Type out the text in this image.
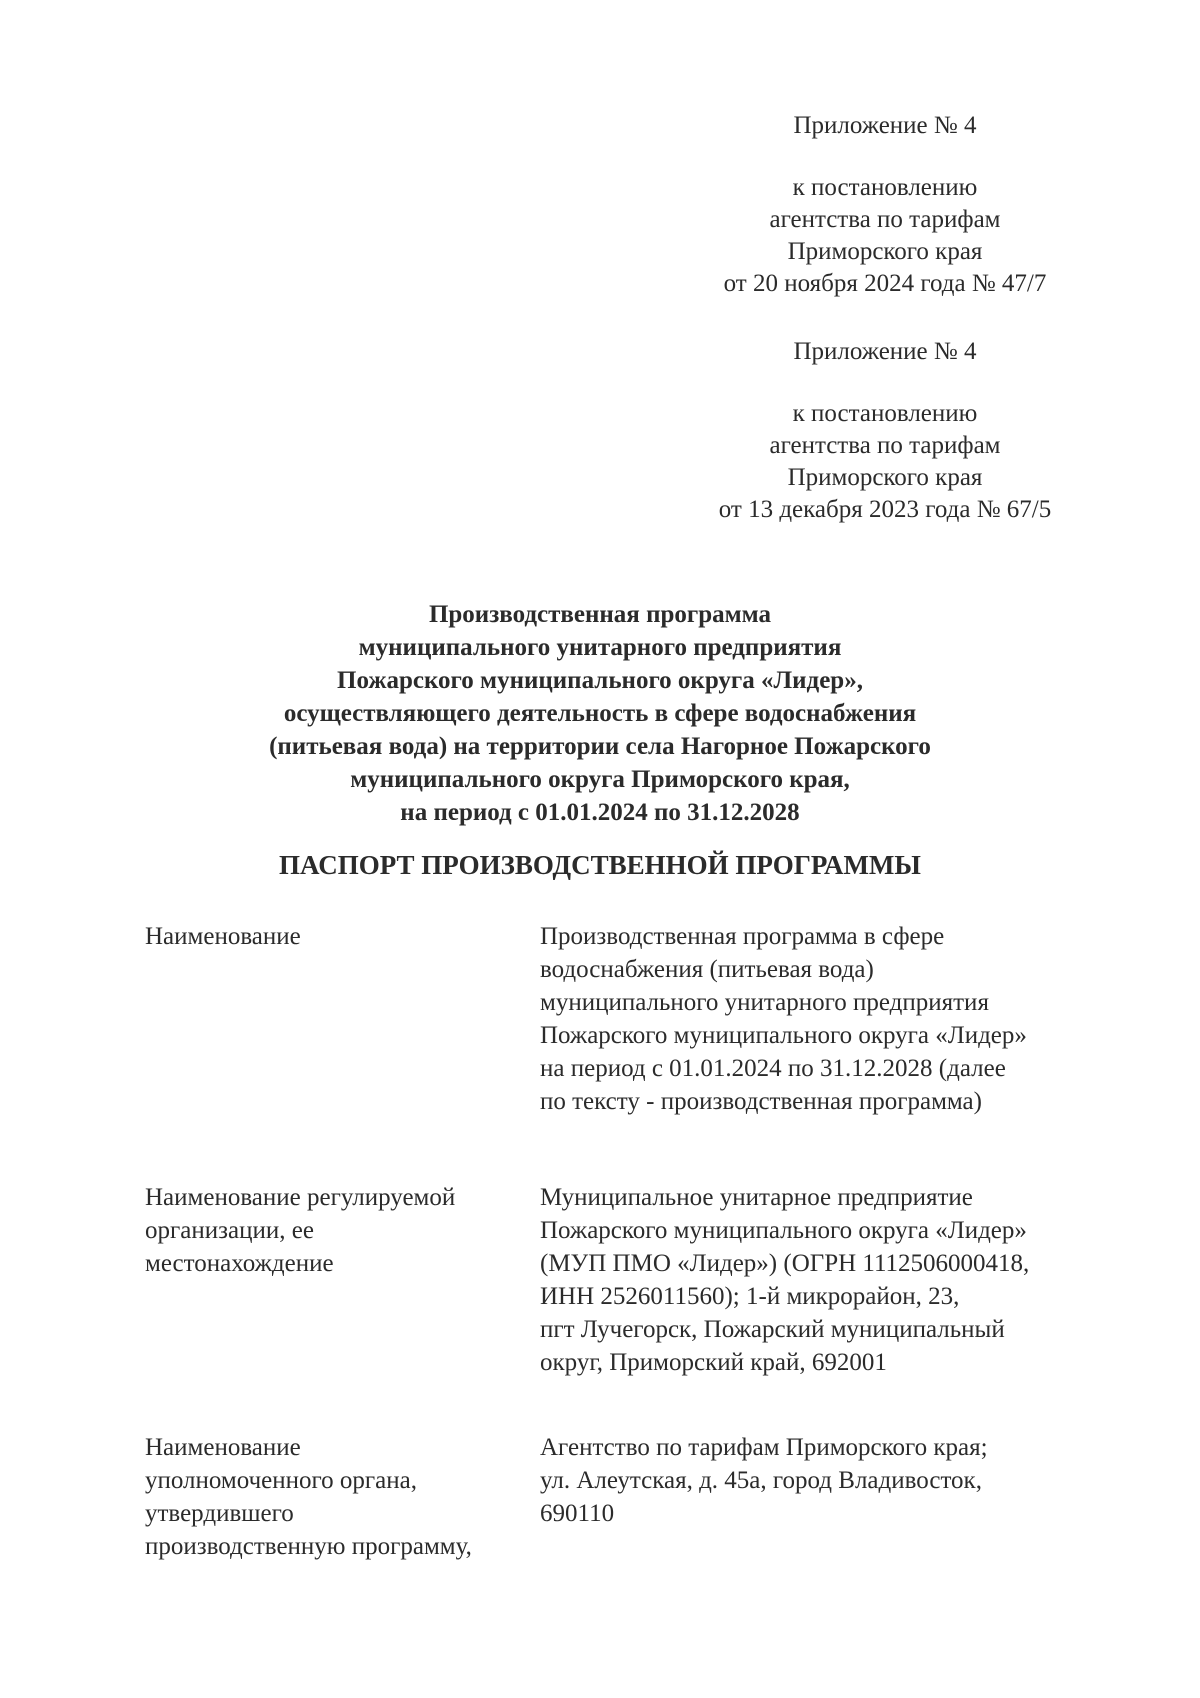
Приложение № 4
к постановлению
агентства по тарифам
Приморского края
от 20 ноября 2024 года № 47/7
Приложение № 4
к постановлению
агентства по тарифам
Приморского края
от 13 декабря 2023 года № 67/5
Производственная программа
муниципального унитарного предприятия
Пожарского муниципального округа «Лидер»,
осуществляющего деятельность в сфере водоснабжения
(питьевая вода) на территории села Нагорное Пожарского
муниципального округа Приморского края,
на период с 01.01.2024 по 31.12.2028
ПАСПОРТ ПРОИЗВОДСТВЕННОЙ ПРОГРАММЫ
Наименование	Производственная программа в сфере
водоснабжения (питьевая вода)
муниципального унитарного предприятия
Пожарского муниципального округа «Лидер»
на период с 01.01.2024 по 31.12.2028 (далее
по тексту - производственная программа)
Наименование регулируемой
организации, ее
местонахождение
Муниципальное унитарное предприятие
Пожарского муниципального округа «Лидер»
(МУП ПМО «Лидер») (ОГРН 1112506000418,
ИНН 2526011560); 1-й микрорайон, 23,
пгт Лучегорск, Пожарский муниципальный
округ, Приморский край, 692001
Наименование
уполномоченного органа,
утвердившего
производственную программу,
Агентство по тарифам Приморского края;
ул. Алеутская, д. 45а, город Владивосток,
690110
